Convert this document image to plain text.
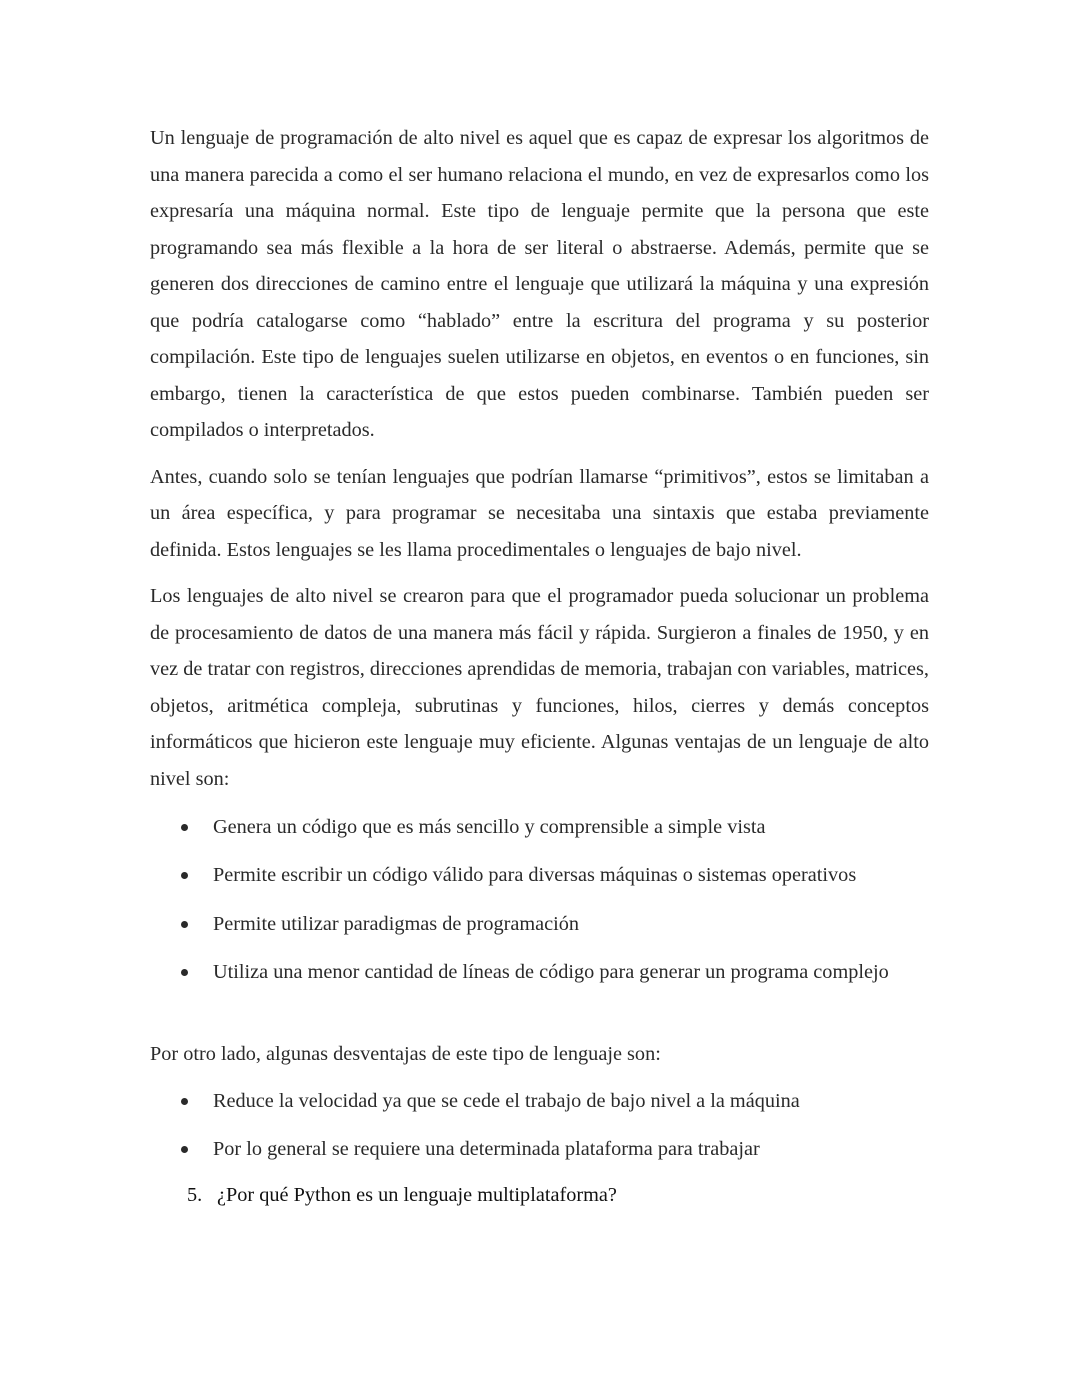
Un lenguaje de programación de alto nivel es aquel que es capaz de expresar los algoritmos de una manera parecida a como el ser humano relaciona el mundo, en vez de expresarlos como los expresaría una máquina normal. Este tipo de lenguaje permite que la persona que este programando sea más flexible a la hora de ser literal o abstraerse. Además, permite que se generen dos direcciones de camino entre el lenguaje que utilizará la máquina y una expresión que podría catalogarse como “hablado” entre la escritura del programa y su posterior compilación. Este tipo de lenguajes suelen utilizarse en objetos, en eventos o en funciones, sin embargo, tienen la característica de que estos pueden combinarse. También pueden ser compilados o interpretados.

Antes, cuando solo se tenían lenguajes que podrían llamarse “primitivos”, estos se limitaban a un área específica, y para programar se necesitaba una sintaxis que estaba previamente definida. Estos lenguajes se les llama procedimentales o lenguajes de bajo nivel.

Los lenguajes de alto nivel se crearon para que el programador pueda solucionar un problema de procesamiento de datos de una manera más fácil y rápida. Surgieron a finales de 1950, y en vez de tratar con registros, direcciones aprendidas de memoria, trabajan con variables, matrices, objetos, aritmética compleja, subrutinas y funciones, hilos, cierres y demás conceptos informáticos que hicieron este lenguaje muy eficiente. Algunas ventajas de un lenguaje de alto nivel son:

Genera un código que es más sencillo y comprensible a simple vista
Permite escribir un código válido para diversas máquinas o sistemas operativos
Permite utilizar paradigmas de programación
Utiliza una menor cantidad de líneas de código para generar un programa complejo

Por otro lado, algunas desventajas de este tipo de lenguaje son:

Reduce la velocidad ya que se cede el trabajo de bajo nivel a la máquina
Por lo general se requiere una determinada plataforma para trabajar
5. ¿Por qué Python es un lenguaje multiplataforma?
